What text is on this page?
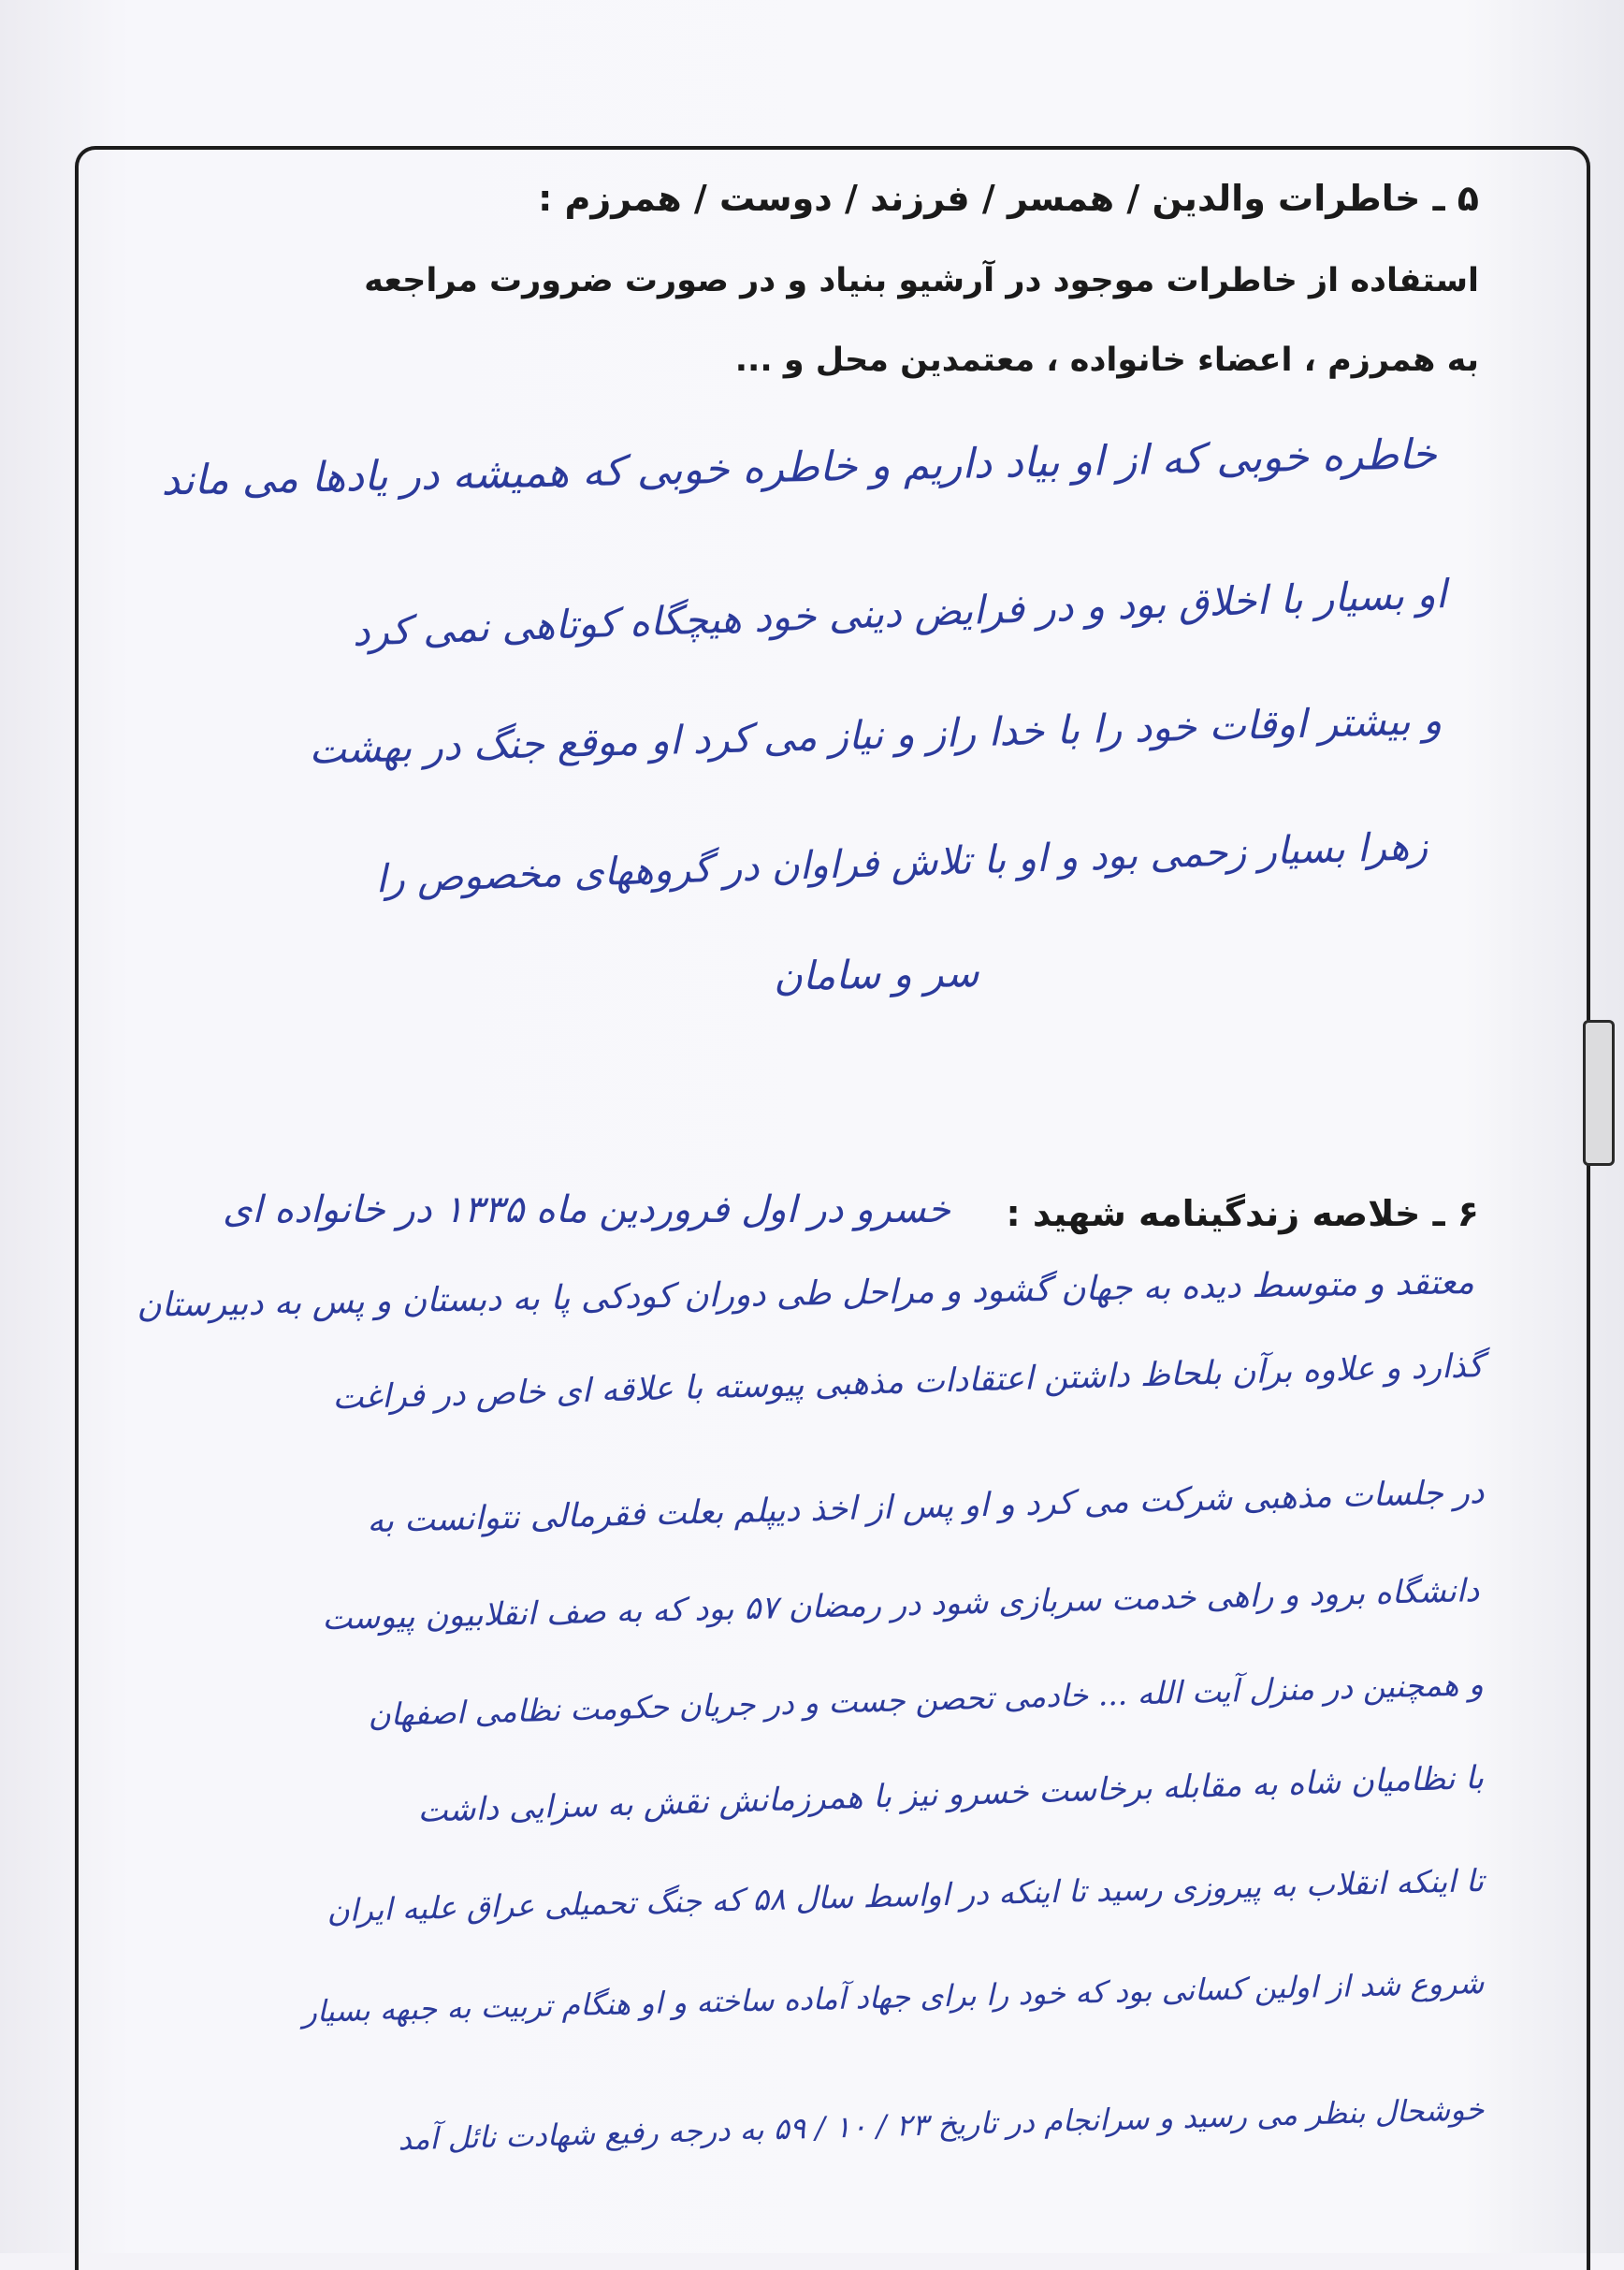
۵ ـ خاطرات والدین / همسر / فرزند / دوست / همرزم :
استفاده از خاطرات موجود در آرشیو بنیاد و در صورت ضرورت مراجعه
به همرزم ، اعضاء خانواده ، معتمدین محل و ...
خاطره خوبی که از او بیاد داریم و خاطره خوبی که همیشه در یادها می ماند
او بسیار با اخلاق بود و در فرایض دینی خود هیچگاه کوتاهی نمی کرد
و بیشتر اوقات خود را با خدا راز و نیاز می کرد او موقع جنگ در بهشت
زهرا بسیار زحمی بود و او با تلاش فراوان در گروههای مخصوص را
سر و سامان
۶ ـ خلاصه زندگینامه شهید :
خسرو در اول فروردین ماه ۱۳۳۵ در خانواده ای
معتقد و متوسط دیده به جهان گشود و مراحل طی دوران کودکی پا به دبستان و پس به دبیرستان
گذارد و علاوه برآن بلحاظ داشتن اعتقادات مذهبی پیوسته با علاقه ای خاص در فراغت
در جلسات مذهبی شرکت می کرد و او پس از اخذ دیپلم بعلت فقرمالی نتوانست به
دانشگاه برود و راهی خدمت سربازی شود در رمضان ۵۷ بود که به صف انقلابیون پیوست
و همچنین در منزل آیت الله ... خادمی تحصن جست و در جریان حکومت نظامی اصفهان
با نظامیان شاه به مقابله برخاست خسرو نیز با همرزمانش نقش به سزایی داشت
تا اینکه انقلاب به پیروزی رسید تا اینکه در اواسط سال ۵۸ که جنگ تحمیلی عراق علیه ایران
شروع شد از اولین کسانی بود که خود را برای جهاد آماده ساخته و او هنگام تربیت به جبهه بسیار
خوشحال بنظر می رسید و سرانجام در تاریخ ۲۳ / ۱۰ / ۵۹ به درجه رفیع شهادت نائل آمد
